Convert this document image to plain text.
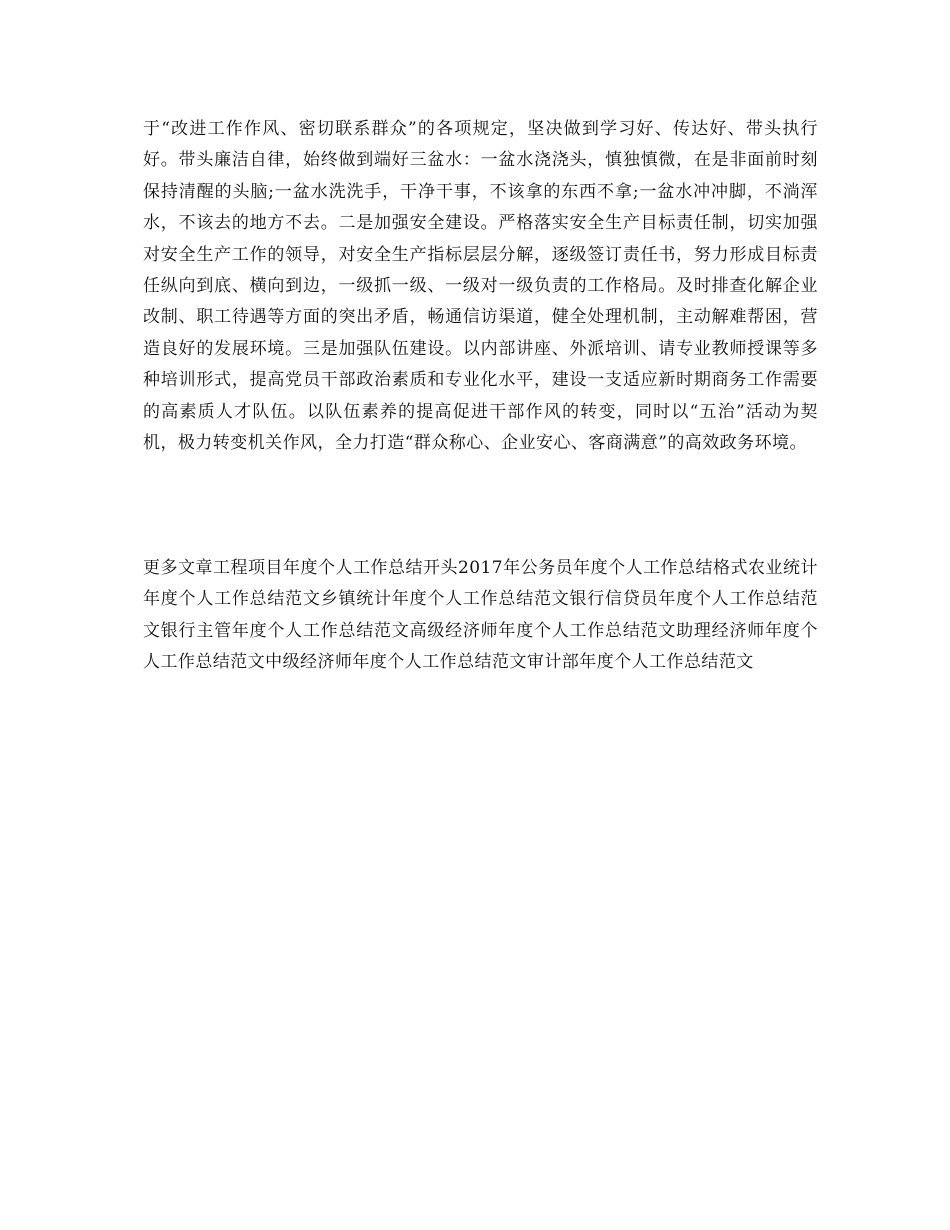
于“改进工作作风、密切联系群众”的各项规定，坚决做到学习好、传达好、带头执行好。带头廉洁自律，始终做到端好三盆水：一盆水浇浇头，慎独慎微，在是非面前时刻保持清醒的头脑;一盆水洗洗手，干净干事，不该拿的东西不拿;一盆水冲冲脚，不淌浑水，不该去的地方不去。二是加强安全建设。严格落实安全生产目标责任制，切实加强对安全生产工作的领导，对安全生产指标层层分解，逐级签订责任书，努力形成目标责任纵向到底、横向到边，一级抓一级、一级对一级负责的工作格局。及时排查化解企业改制、职工待遇等方面的突出矛盾，畅通信访渠道，健全处理机制，主动解难帮困，营造良好的发展环境。三是加强队伍建设。以内部讲座、外派培训、请专业教师授课等多种培训形式，提高党员干部政治素质和专业化水平，建设一支适应新时期商务工作需要的高素质人才队伍。以队伍素养的提高促进干部作风的转变，同时以“五治”活动为契机，极力转变机关作风，全力打造“群众称心、企业安心、客商满意”的高效政务环境。

更多文章工程项目年度个人工作总结开头2017年公务员年度个人工作总结格式农业统计年度个人工作总结范文乡镇统计年度个人工作总结范文银行信贷员年度个人工作总结范文银行主管年度个人工作总结范文高级经济师年度个人工作总结范文助理经济师年度个人工作总结范文中级经济师年度个人工作总结范文审计部年度个人工作总结范文
